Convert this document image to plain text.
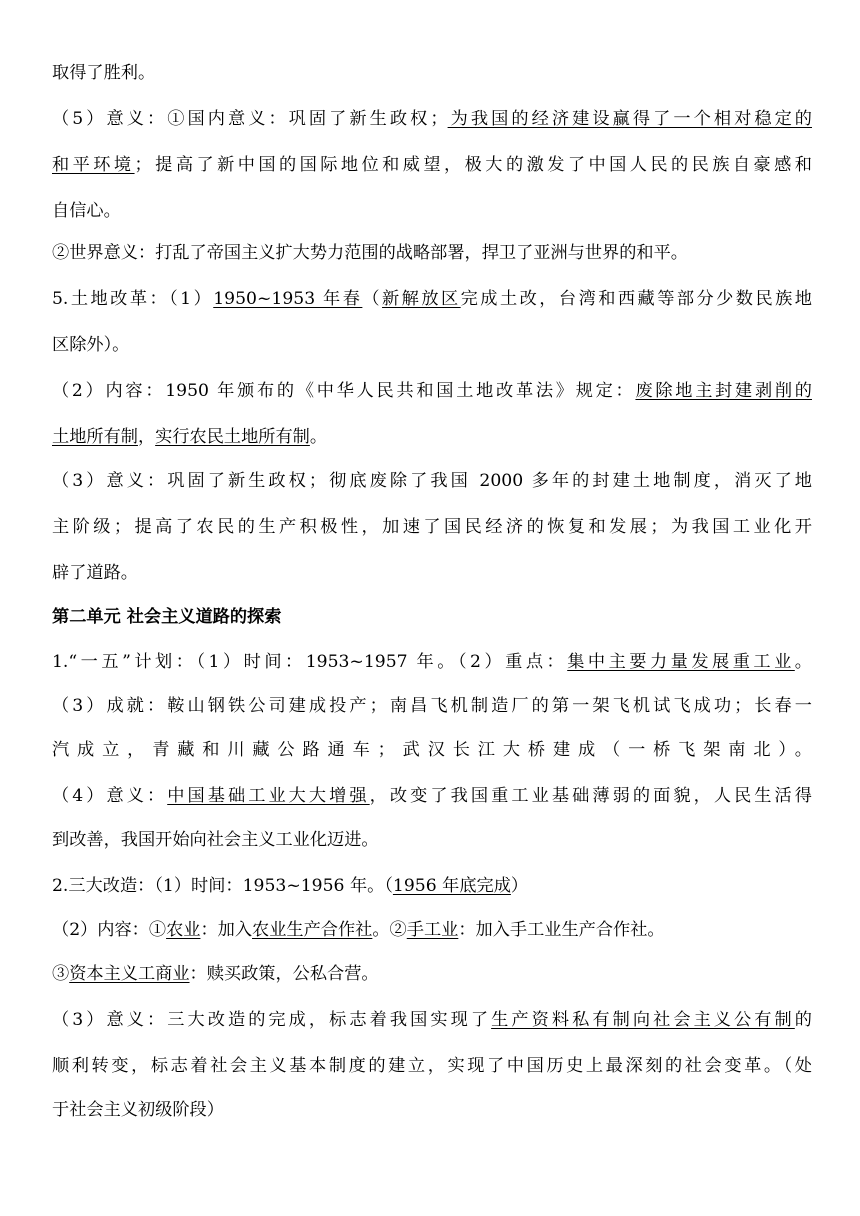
取得了胜利。
（5）意义：①国内意义：巩固了新生政权；为我国的经济建设赢得了一个相对稳定的
和平环境；提高了新中国的国际地位和威望，极大的激发了中国人民的民族自豪感和
自信心。
②世界意义：打乱了帝国主义扩大势力范围的战略部署，捍卫了亚洲与世界的和平。
5.土地改革：（1）1950~1953 年春（新解放区完成土改，台湾和西藏等部分少数民族地
区除外）。
（2）内容：1950 年颁布的《中华人民共和国土地改革法》规定：废除地主封建剥削的
土地所有制，实行农民土地所有制。
（3）意义：巩固了新生政权；彻底废除了我国 2000 多年的封建土地制度，消灭了地
主阶级；提高了农民的生产积极性，加速了国民经济的恢复和发展；为我国工业化开
辟了道路。
第二单元 社会主义道路的探索
1.“一五”计划：（1）时间：1953~1957 年。（2）重点：集中主要力量发展重工业。
（3）成就：鞍山钢铁公司建成投产；南昌飞机制造厂的第一架飞机试飞成功；长春一
汽成立，青藏和川藏公路通车；武汉长江大桥建成（一桥飞架南北）。
（4）意义：中国基础工业大大增强，改变了我国重工业基础薄弱的面貌，人民生活得
到改善，我国开始向社会主义工业化迈进。
2.三大改造：（1）时间：1953~1956 年。（1956 年底完成）
（2）内容：①农业：加入农业生产合作社。②手工业：加入手工业生产合作社。
③资本主义工商业：赎买政策，公私合营。
（3）意义：三大改造的完成，标志着我国实现了生产资料私有制向社会主义公有制的
顺利转变，标志着社会主义基本制度的建立，实现了中国历史上最深刻的社会变革。（处
于社会主义初级阶段）
